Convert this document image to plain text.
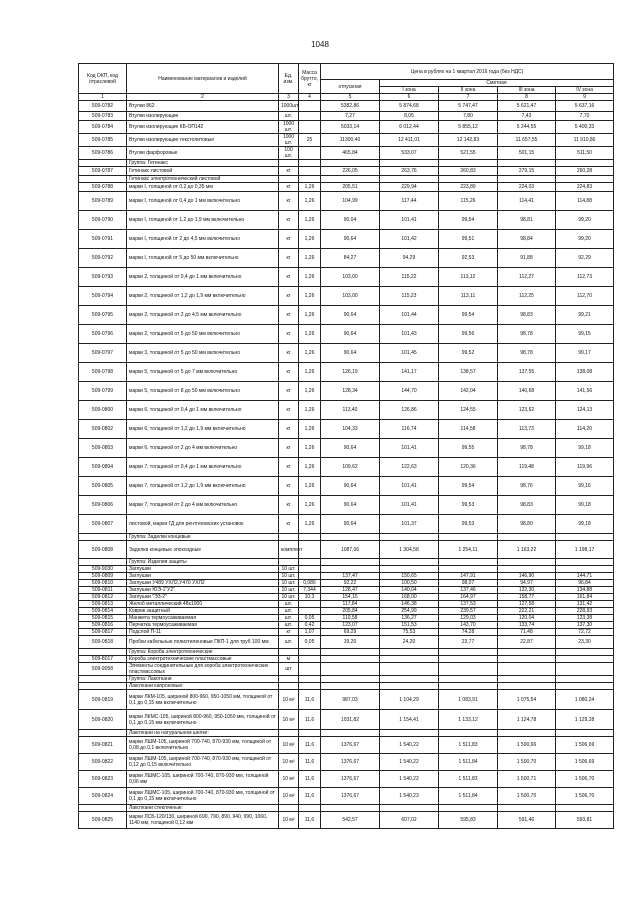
1048
Код ОКП, код отраслевой	Наименование материалов и изделий	Ед. изм.	Масса брутто, кг	Цена в рублях на 1 квартал 2016 года (без НДС)				
				отпускная	Сметная			
					I зона	II зона	III зона	IV зона
1	2	3	4	5	6	7	8	9
509-0782	Втулки 862	1000шт		5382,86	5 874,68	5 747,47	5 621,47	5 637,16
509-0783	Втулки изолирующие	шт.		7,27	8,05	7,80	7,43	7,70
509-0784	Втулки изолирующие КБ-ОП142	1000 шт.		5033,14	6 012,44	5 855,12	5 244,55	5 400,33
509-0785	Втулки изолирующие текстолитовые	1000 шт.	25	11300,40	12 411,01	12 142,83	11 657,55	11 910,86
509-0786	Втулки фарфоровые	100 шт.		465,84	533,07	521,55	501,15	511,50
	Группа: Гетинакс							
509-0787	Гетинакс листовой	кг		226,05	263,76	260,83	279,15	260,28
	Гетинакс электротехнический листовой							
509-0788	марки I, толщиной от 0,2 до 0,35 мм	кг	1,26	205,51	229,94	223,89	224,03	224,83
509-0789	марки I, толщиной от 0,4 до 1 мм включительно	кг	1,26	104,99	117,44	115,26	114,41	114,88
509-0790	марки I, толщиной от 1,2 до 1,9 мм включительно	кг	1,26	90,04	101,41	99,54	98,81	99,20
509-0791	марки I, толщиной от 2 до 4,5 мм включительно	кг	1,26	90,64	101,42	99,51	98,84	99,20
509-0792	марки I, толщиной от 5 до 50 мм включительно	кг	1,26	84,27	94,29	92,53	91,88	92,29
509-0793	марки 2, толщиной от 0,4 до 1 мм включительно	кг	1,26	103,00	115,22	113,12	112,27	112,73
509-0794	марки 2, толщиной от 1,2 до 1,9 мм включительно	кг	1,26	103,00	115,23	113,11	112,25	112,70
509-0795	марки 2, толщиной от 2 до 4,5 мм включительно	кг	1,26	90,64	101,44	99,54	98,83	99,21
509-0796	марки 2, толщиной от 5 до 50 мм включительно	кг	1,26	90,64	101,43	99,56	98,78	99,15
509-0797	марки 3, толщиной от 5 до 50 мм включительно	кг	1,26	90,64	101,45	99,52	98,78	99,17
509-0798	марки 5, толщиной от 5 до 7 мм включительно	кг	1,26	126,19	141,17	138,57	137,55	138,08
509-0799	марки 5, толщиной от 8 до 50 мм включительно	кг	1,26	128,34	144,70	142,04	140,68	141,56
509-0800	марки 6, толщиной от 0,4 до 1 мм включительно	кг	1,26	113,40	126,86	124,55	123,62	124,13
509-0802	марки 6, толщиной от 1,2 до 1,9 мм включительно	кг	1,26	104,33	116,74	114,58	113,73	114,20
509-0803	марки 6, толщиной от 2 до 4 мм включительно	кг	1,26	90,64	101,41	99,55	98,78	99,18
509-0804	марки 7, толщиной от 0,4 до 1 мм включительно	кг	1,26	109,62	122,63	120,36	119,48	119,96
509-0805	марки 7, толщиной от 1,2 до 1,9 мм включительно	кг	1,26	90,64	101,41	99,54	98,76	99,16
509-0806	марки 7, толщиной от 2 до 4 мм включительно	кг	1,26	90,64	101,41	99,53	98,83	99,18
509-0807	листовой, марки ГД для рентгеновских установок	кг	1,26	90,64	101,37	99,53	98,80	99,18
	Группа: Заделки концевые							
509-0808	Заделки концевые эпоксидные	комплект		1087,06	1 304,58	1 254,11	1 163,22	1 198,17
	Группа: Изделия защиты							
509-9030	Заглушки	10 шт.						
509-0809	Заглушки	10 шт.		137,47	150,65	147,91	146,90	144,71
509-0810	Заглушки У489 УХЛ2,У470 УХЛ2	10 шт.	0,086	92,22	100,50	98,07	94,97	96,84
509-0811	Заглушки ЮЭ-1"У2"	10 шт.	7,344	128,47	140,04	137,46	132,30	134,88
509-0812	Заглушки "ЭЗ-2"	10 шт.	10,3	154,15	168,00	164,97	158,77	161,84
509-0813	Желоб металлический 48х1000	шт.		117,84	146,38	137,53	127,58	131,42
509-0814	Коврик защитный	шт.		205,84	254,99	239,57	222,21	228,93
509-0815	Манжета термоусаживаемая	шт.	0,05	110,58	136,27	129,03	120,04	123,38
509-0816	Перчатка термоусаживаемая	шт.	0,42	123,07	151,53	143,70	133,74	137,30
509-0817	Подслой П-11	кг	1,07	69,29	75,53	74,28	71,48	72,72
509-0818	Пробки кабельные полиэтиленовые ПКП-1 для труб 100 мм	шт.	0,05	19,20	24,20	23,77	22,87	23,30
	Группа: Короба электротехнические							
509-8017	Короба электротехнические пластмассовые	м						
509-9058	Элементы соединительные для короба электротехнических пластмассовых	шт						
	Группа: Лакоткани							
	Лакоткани капроновые:							
509-0819	марки ЛКМ-105, шириной 800-960, 950-1050 мм, толщиной от 0,1 до 0,15 мм включительно	10 м²	11,6	987,03	1 104,29	1 083,91	1 075,54	1 080,24
509-0820	марки ЛКМС-105, шириной 800-960, 950-1050 мм, толщиной от 0,1 до 0,15 мм включительно	10 м²	11,6	1031,82	1 154,41	1 133,12	1 124,78	1 129,28
	Лакоткани на натуральном шелке:							
509-0821	марки ЛШМ-105, шириной 700-740, 870-930 мм, толщиной от 0,08 до 0,1 включительно	10 м²	11,6	1376,67	1 540,22	1 511,83	1 500,66	1 506,69
509-0822	марки ЛШМ-105, шириной 700-740, 870-930 мм, толщиной от 0,12 до 0,15 включительно	10 м²	11,6	1376,67	1 540,22	1 511,84	1 500,70	1 506,69
509-0823	марки ЛШМС-105, шириной 700-740, 870-930 мм, толщиной 0,06 мм	10 м²	11,6	1376,67	1 540,22	1 511,83	1 500,71	1 506,70
509-0824	марки ЛШМС-105, шириной 700-740, 870-930 мм, толщиной от 0,1 до 0,15 мм включительно	10 м²	11,6	1376,67	1 540,23	1 511,84	1 500,70	1 506,70
	Лакоткани стеклянные:							
509-0825	марки ЛСБ-120/130, шириной 690, 790, 890, 940, 990, 1060, 1140 мм, толщиной 0,12 мм	10 м²	11,6	542,57	607,02	595,83	591,46	593,81
